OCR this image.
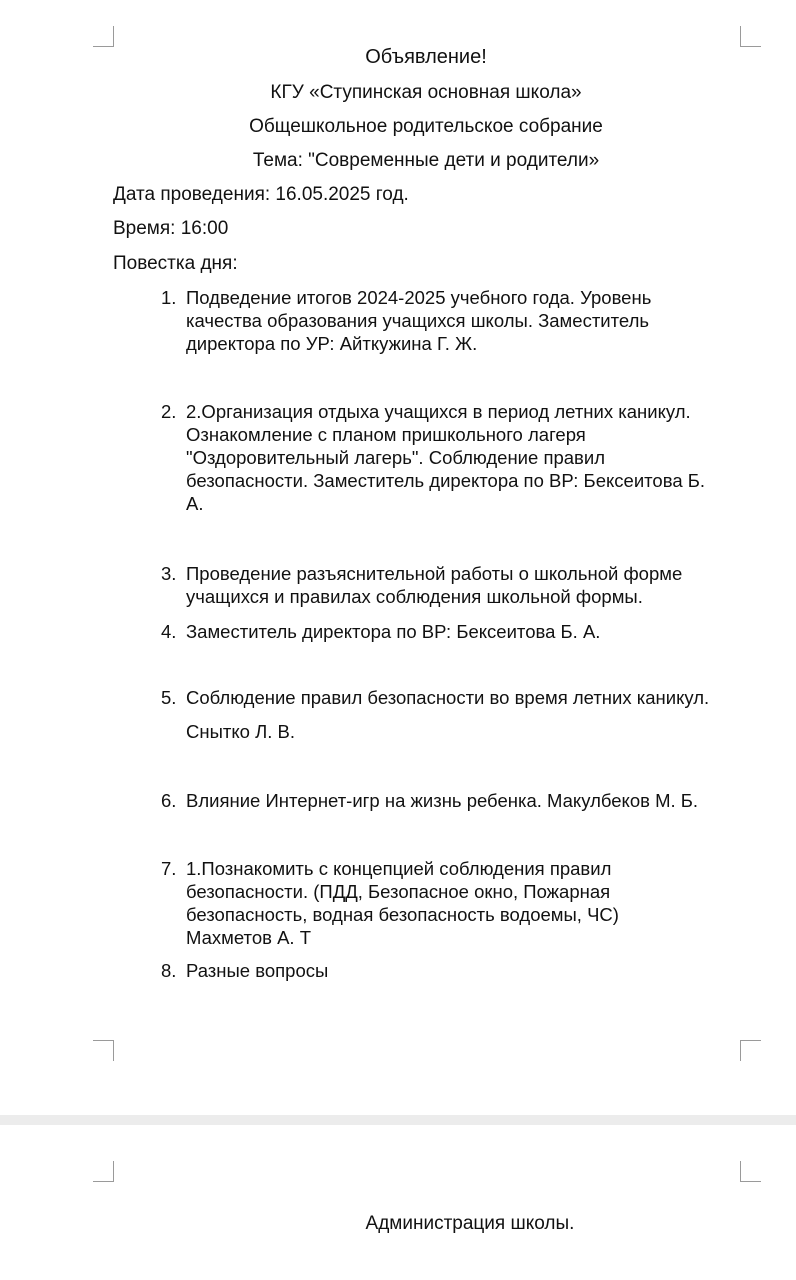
Объявление!
КГУ «Ступинская основная школа»
Общешкольное родительское собрание
Тема: "Современные дети и родители»
Дата проведения: 16.05.2025 год.
Время: 16:00
Повестка дня:
1. Подведение итогов 2024-2025 учебного года. Уровень
качества образования учащихся школы. Заместитель
директора по УР: Айткужина Г. Ж.
2. 2.Организация отдыха учащихся в период летних каникул.
Ознакомление с планом пришкольного лагеря
"Оздоровительный лагерь". Соблюдение правил
безопасности. Заместитель директора по ВР: Бексеитова Б.
А.
3. Проведение разъяснительной работы о школьной форме
учащихся и правилах соблюдения школьной формы.
4. Заместитель директора по ВР: Бексеитова Б. А.
5. Соблюдение правил безопасности во время летних каникул.
Снытко Л. В.
6. Влияние Интернет-игр на жизнь ребенка. Макулбеков М. Б.
7. 1.Познакомить с концепцией соблюдения правил
безопасности. (ПДД, Безопасное окно, Пожарная
безопасность, водная безопасность водоемы, ЧС)
Махметов А. Т
8. Разные вопросы
Администрация школы.
